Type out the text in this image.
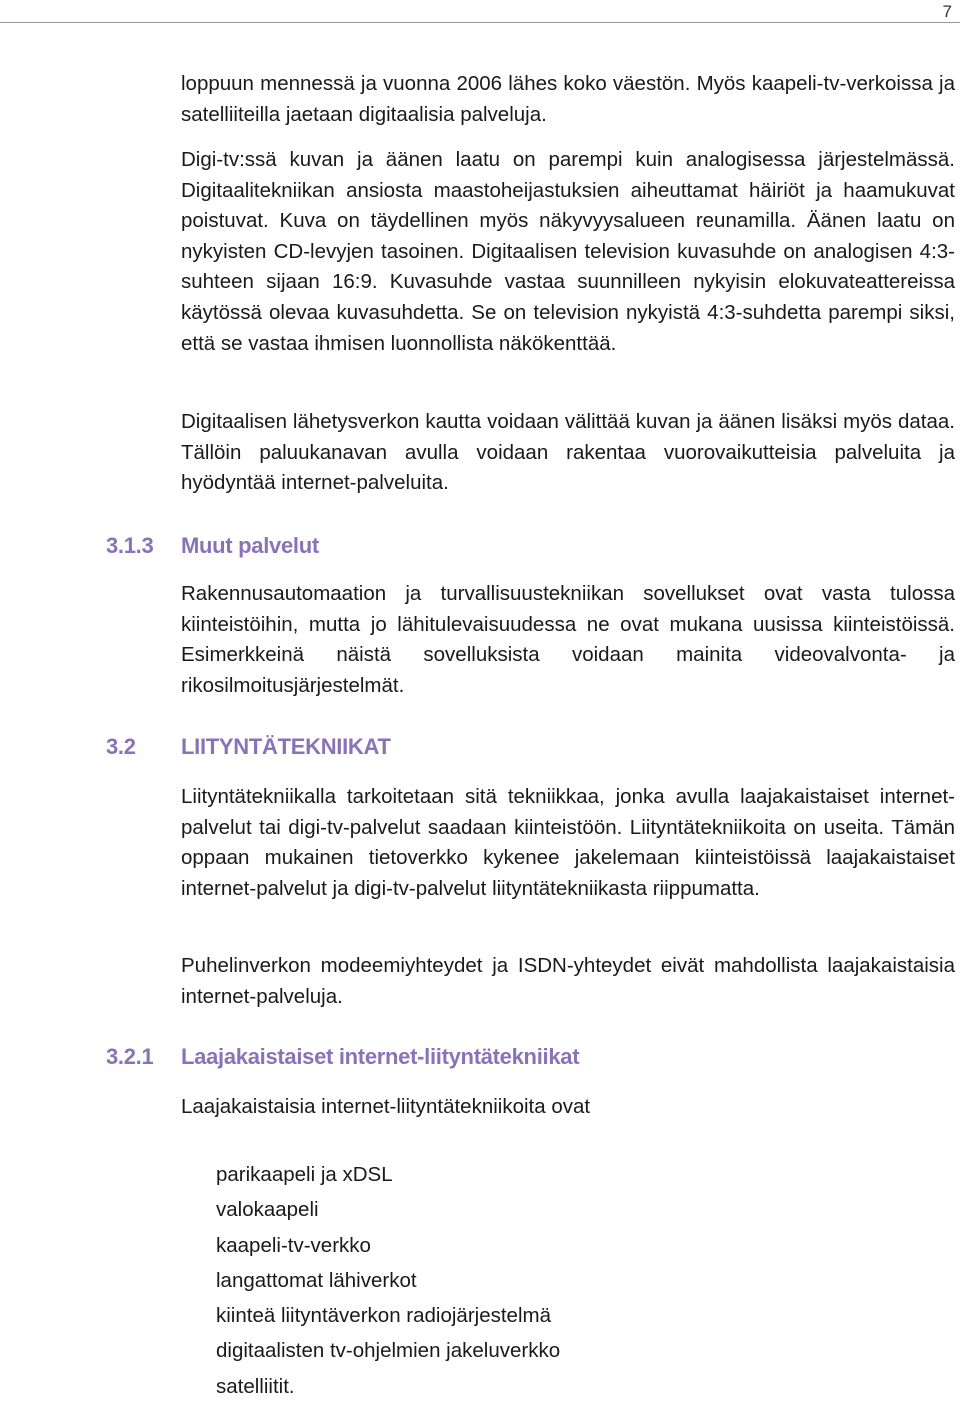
7

loppuun mennessä ja vuonna 2006 lähes koko väestön. Myös kaapeli-tv-verkoissa ja satelliiteilla jaetaan digitaalisia palveluja.

Digi-tv:ssä kuvan ja äänen laatu on parempi kuin analogisessa järjestelmässä. Digitaalitekniikan ansiosta maastoheijastuksien aiheuttamat häiriöt ja haamukuvat poistuvat. Kuva on täydellinen myös näkyvyysalueen reunamilla. Äänen laatu on nykyisten CD-levyjen tasoinen. Digitaalisen television kuvasuhde on analogisen 4:3-suhteen sijaan 16:9. Kuvasuhde vastaa suunnilleen nykyisin elokuvateattereissa käytössä olevaa kuvasuhdetta. Se on television nykyistä 4:3-suhdetta parempi siksi, että se vastaa ihmisen luonnollista näkökenttää.

Digitaalisen lähetysverkon kautta voidaan välittää kuvan ja äänen lisäksi myös dataa. Tällöin paluukanavan avulla voidaan rakentaa vuorovaikutteisia palveluita ja hyödyntää internet-palveluita.

3.1.3 Muut palvelut

Rakennusautomaation ja turvallisuustekniikan sovellukset ovat vasta tulossa kiinteistöihin, mutta jo lähitulevaisuudessa ne ovat mukana uusissa kiinteistöissä. Esimerkkeinä näistä sovelluksista voidaan mainita videovalvonta- ja rikosilmoitusjärjestelmät.

3.2 LIITYNTÄTEKNIIKAT

Liityntätekniikalla tarkoitetaan sitä tekniikkaa, jonka avulla laajakaistaiset internet-palvelut tai digi-tv-palvelut saadaan kiinteistöön. Liityntätekniikoita on useita. Tämän oppaan mukainen tietoverkko kykenee jakelemaan kiinteistöissä laajakaistaiset internet-palvelut ja digi-tv-palvelut liityntätekniikasta riippumatta.

Puhelinverkon modeemiyhteydet ja ISDN-yhteydet eivät mahdollista laajakaistaisia internet-palveluja.

3.2.1 Laajakaistaiset internet-liityntätekniikat

Laajakaistaisia internet-liityntätekniikoita ovat

parikaapeli ja xDSL
valokaapeli
kaapeli-tv-verkko
langattomat lähiverkot
kiinteä liityntäverkon radiojärjestelmä
digitaalisten tv-ohjelmien jakeluverkko
satelliitit.
